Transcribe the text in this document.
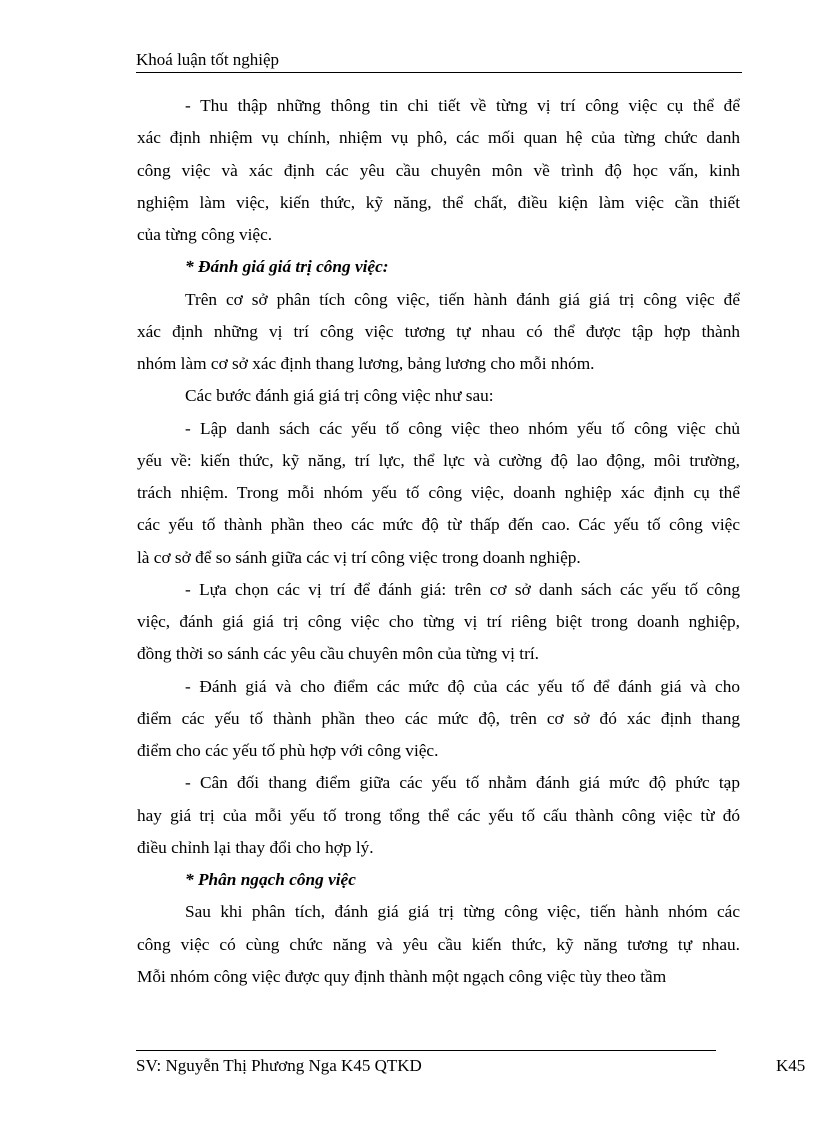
Khoá luận tốt nghiệp
- Thu thập những thông tin chi tiết về từng vị trí công việc cụ thể để
xác định nhiệm vụ chính, nhiệm vụ phô, các mối quan hệ của từng chức danh
công việc và xác định các yêu cầu chuyên môn về trình độ học vấn, kinh
nghiệm làm việc, kiến thức, kỹ năng, thể chất, điều kiện làm việc cần thiết
của từng công việc.
* Đánh giá giá trị công việc:
Trên cơ sở phân tích công việc, tiến hành đánh giá giá trị công việc để
xác định những vị trí công việc tương tự nhau có thể được tập hợp thành
nhóm làm cơ sở xác định thang lương, bảng lương cho mỗi nhóm.
Các bước đánh giá giá trị công việc như sau:
- Lập danh sách các yếu tố công việc theo nhóm yếu tố công việc chủ
yếu về: kiến thức, kỹ năng, trí lực, thể lực và cường độ lao động, môi trường,
trách nhiệm. Trong mỗi nhóm yếu tố công việc, doanh nghiệp xác định cụ thể
các yếu tố thành phần theo các mức độ từ thấp đến cao. Các yếu tố công việc
là cơ sở để so sánh giữa các vị trí công việc trong doanh nghiệp.
- Lựa chọn các vị trí để đánh giá: trên cơ sở danh sách các yếu tố công
việc, đánh giá giá trị công việc cho từng vị trí riêng biệt trong doanh nghiệp,
đồng thời so sánh các yêu cầu chuyên môn của từng vị trí.
- Đánh giá và cho điểm các mức độ của các yếu tố để đánh giá và cho
điểm các yếu tố thành phần theo các mức độ, trên cơ sở đó xác định thang
điểm cho các yếu tố phù hợp với công việc.
- Cân đối thang điểm giữa các yếu tố nhằm đánh giá mức độ phức tạp
hay giá trị của mỗi yếu tố trong tổng thể các yếu tố cấu thành công việc từ đó
điều chỉnh lại thay đổi cho hợp lý.
* Phân ngạch công việc
Sau khi phân tích, đánh giá giá trị từng công việc, tiến hành nhóm các
công việc có cùng chức năng và yêu cầu kiến thức, kỹ năng tương tự nhau.
Mỗi nhóm công việc được quy định thành một ngạch công việc tùy theo tầm
SV: Nguyễn Thị Phương Nga K45 QTKD	K45
